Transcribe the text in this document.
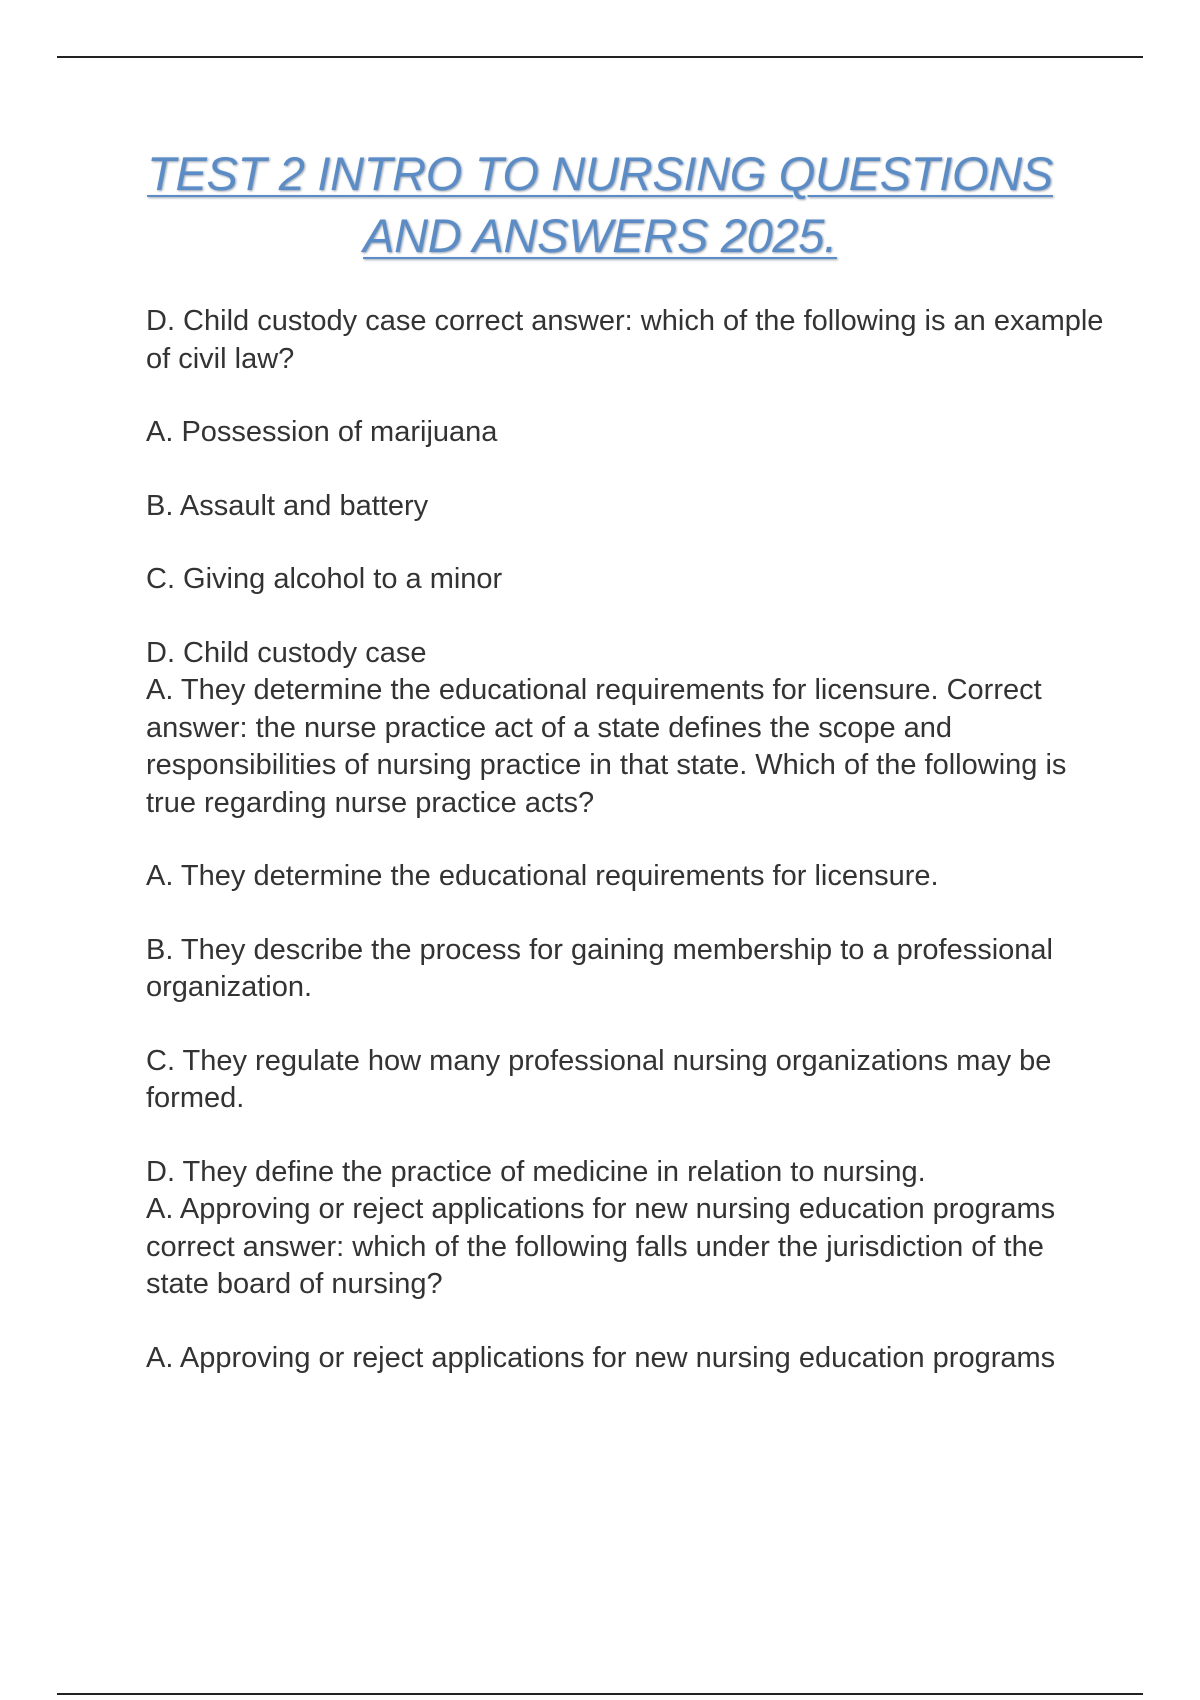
TEST 2 INTRO TO NURSING QUESTIONS
AND ANSWERS 2025.

D. Child custody case correct answer: which of the following is an example of civil law?

A. Possession of marijuana

B. Assault and battery

C. Giving alcohol to a minor

D. Child custody case

A. They determine the educational requirements for licensure. Correct answer: the nurse practice act of a state defines the scope and responsibilities of nursing practice in that state. Which of the following is true regarding nurse practice acts?

A. They determine the educational requirements for licensure.

B. They describe the process for gaining membership to a professional organization.

C. They regulate how many professional nursing organizations may be formed.

D. They define the practice of medicine in relation to nursing.

A. Approving or reject applications for new nursing education programs correct answer: which of the following falls under the jurisdiction of the state board of nursing?

A. Approving or reject applications for new nursing education programs
